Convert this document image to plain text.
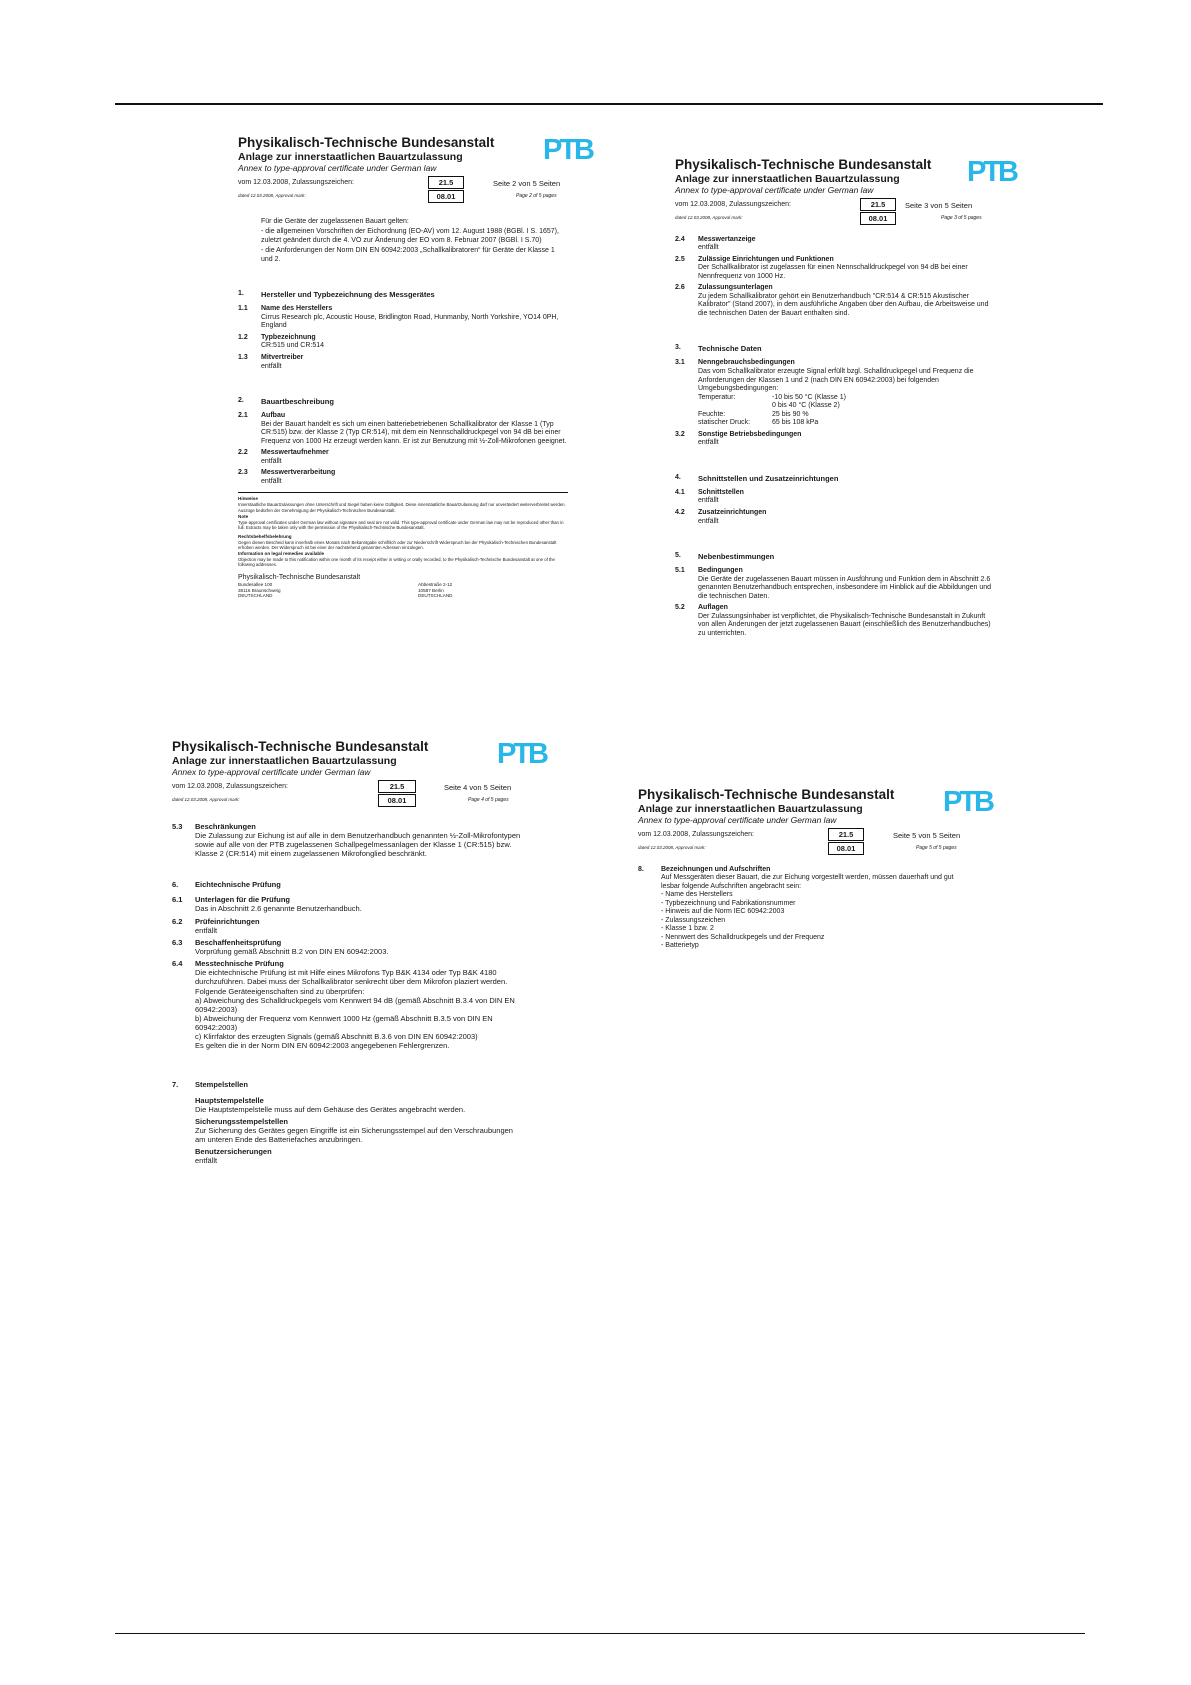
PTB
Physikalisch-Technische Bundesanstalt
Anlage zur innerstaatlichen Bauartzulassung
Annex to type-approval certificate under German law
vom 12.03.2008, Zulassungszeichen:
dated 12.03.2008, Approval mark:
21.5
08.01
Seite 2 von 5 Seiten
Page 2 of 5 pages

Für die Geräte der zugelassenen Bauart gelten:

- die allgemeinen Vorschriften der Eichordnung (EO-AV) vom 12. August 1988 (BGBl. I S. 1657), zuletzt geändert durch die 4. VO zur Änderung der EO vom 8. Februar 2007 (BGBl. I S.70)

- die Anforderungen der Norm DIN EN 60942:2003 „Schallkalibratoren“ für Geräte der Klasse 1 und 2.

1.	Hersteller und Typbezeichnung des Messgerätes
1.1	Name des Herstellers
Cirrus Research plc, Acoustic House, Bridlington Road, Hunmanby, North Yorkshire, YO14 0PH, England
1.2	Typbezeichnung
CR:515 und CR:514
1.3	Mitvertreiber
entfällt
2.	Bauartbeschreibung
2.1	Aufbau
Bei der Bauart handelt es sich um einen batteriebetriebenen Schallkalibrator der Klasse 1 (Typ CR:515) bzw. der Klasse 2 (Typ CR:514), mit dem ein Nennschalldruckpegel von 94 dB bei einer Frequenz von 1000 Hz erzeugt werden kann. Er ist zur Benutzung mit ½-Zoll-Mikrofonen geeignet.
2.2	Messwertaufnehmer
entfällt
2.3	Messwertverarbeitung
entfällt
Hinweise
Innerstaatliche Bauartzulassungen ohne Unterschrift und Siegel haben keine Gültigkeit. Diese innerstaatliche Bauartzulassung darf nur unverändert weiterverbreitet werden. Auszüge bedürfen der Genehmigung der Physikalisch-Technischen Bundesanstalt.
Note
Type-approval certificates under German law without signature and seal are not valid. This type-approval certificate under German law may not be reproduced other than in full. Extracts may be taken only with the permission of the Physikalisch-Technische Bundesanstalt.
Rechtsbehelfsbelehrung
Gegen diesen Bescheid kann innerhalb eines Monats nach Bekanntgabe schriftlich oder zur Niederschrift Widerspruch bei der Physikalisch-Technischen Bundesanstalt erhoben werden. Der Widerspruch ist bei einer der nachstehend genannten Adressen einzulegen.
Information on legal remedies available
Objection may be made to this notification within one month of its receipt either in writing or orally recorded, to the Physikalisch-Technische Bundesanstalt at one of the following addresses.
Physikalisch-Technische Bundesanstalt
Bundesallee 100
38116 Braunschweig
DEUTSCHLAND
Abbestraße 2-12
10587 Berlin
DEUTSCHLAND
PTB
Physikalisch-Technische Bundesanstalt
Anlage zur innerstaatlichen Bauartzulassung
Annex to type-approval certificate under German law
vom 12.03.2008, Zulassungszeichen:
dated 12.03.2008, Approval mark:
21.5
08.01
Seite 3 von 5 Seiten
Page 3 of 5 pages
2.4	Messwertanzeige
entfällt
2.5	Zulässige Einrichtungen und Funktionen
Der Schallkalibrator ist zugelassen für einen Nennschalldruckpegel von 94 dB bei einer Nennfrequenz von 1000 Hz.
2.6	Zulassungsunterlagen
Zu jedem Schallkalibrator gehört ein Benutzerhandbuch "CR:514 & CR:515 Akustischer Kalibrator" (Stand 2007), in dem ausführliche Angaben über den Aufbau, die Arbeitsweise und die technischen Daten der Bauart enthalten sind.
3.	Technische Daten
3.1	Nenngebrauchsbedingungen
Das vom Schallkalibrator erzeugte Signal erfüllt bzgl. Schalldruckpegel und Frequenz die Anforderungen der Klassen 1 und 2 (nach DIN EN 60942:2003) bei folgenden Umgebungsbedingungen:
Temperatur:	-10 bis 50 °C (Klasse 1)
0 bis 40 °C (Klasse 2)
Feuchte:	25 bis 90 %
statischer Druck:	65 bis 108 kPa
3.2	Sonstige Betriebsbedingungen
entfällt
4.	Schnittstellen und Zusatzeinrichtungen
4.1	Schnittstellen
entfällt
4.2	Zusatzeinrichtungen
entfällt
5.	Nebenbestimmungen
5.1	Bedingungen
Die Geräte der zugelassenen Bauart müssen in Ausführung und Funktion dem in Abschnitt 2.6 genannten Benutzerhandbuch entsprechen, insbesondere im Hinblick auf die Abbildungen und die technischen Daten.
5.2	Auflagen
Der Zulassungsinhaber ist verpflichtet, die Physikalisch-Technische Bundesanstalt in Zukunft von allen Änderungen der jetzt zugelassenen Bauart (einschließlich des Benutzerhandbuches) zu unterrichten.
PTB
Physikalisch-Technische Bundesanstalt
Anlage zur innerstaatlichen Bauartzulassung
Annex to type-approval certificate under German law
vom 12.03.2008, Zulassungszeichen:
dated 12.03.2008, Approval mark:
21.5
08.01
Seite 4 von 5 Seiten
Page 4 of 5 pages
5.3	Beschränkungen
Die Zulassung zur Eichung ist auf alle in dem Benutzerhandbuch genannten ½-Zoll-Mikrofontypen sowie auf alle von der PTB zugelassenen Schallpegelmessanlagen der Klasse 1 (CR:515) bzw. Klasse 2 (CR:514) mit einem zugelassenen Mikrofonglied beschränkt.
6.	Eichtechnische Prüfung
6.1	Unterlagen für die Prüfung
Das in Abschnitt 2.6 genannte Benutzerhandbuch.
6.2	Prüfeinrichtungen
entfällt
6.3	Beschaffenheitsprüfung
Vorprüfung gemäß Abschnitt B.2 von DIN EN 60942:2003.
6.4	Messtechnische Prüfung
Die eichtechnische Prüfung ist mit Hilfe eines Mikrofons Typ B&K 4134 oder Typ B&K 4180 durchzuführen. Dabei muss der Schallkalibrator senkrecht über dem Mikrofon plaziert werden.
Folgende Geräteeigenschaften sind zu überprüfen:
a) Abweichung des Schalldruckpegels vom Kennwert 94 dB (gemäß Abschnitt B.3.4 von DIN EN 60942:2003)
b) Abweichung der Frequenz vom Kennwert 1000 Hz (gemäß Abschnitt B.3.5 von DIN EN 60942:2003)
c) Klirrfaktor des erzeugten Signals (gemäß Abschnitt B.3.6 von DIN EN 60942:2003)
Es gelten die in der Norm DIN EN 60942:2003 angegebenen Fehlergrenzen.
7.	Stempelstellen
Hauptstempelstelle
Die Hauptstempelstelle muss auf dem Gehäuse des Gerätes angebracht werden.
Sicherungsstempelstellen
Zur Sicherung des Gerätes gegen Eingriffe ist ein Sicherungsstempel auf den Verschraubungen am unteren Ende des Batteriefaches anzubringen.
Benutzersicherungen
entfällt
PTB
Physikalisch-Technische Bundesanstalt
Anlage zur innerstaatlichen Bauartzulassung
Annex to type-approval certificate under German law
vom 12.03.2008, Zulassungszeichen:
dated 12.03.2008, Approval mark:
21.5
08.01
Seite 5 von 5 Seiten
Page 5 of 5 pages
8.	Bezeichnungen und Aufschriften
Auf Messgeräten dieser Bauart, die zur Eichung vorgestellt werden, müssen dauerhaft und gut lesbar folgende Aufschriften angebracht sein:
- Name des Herstellers
- Typbezeichnung und Fabrikationsnummer
- Hinweis auf die Norm IEC 60942:2003
- Zulassungszeichen
- Klasse 1 bzw. 2
- Nennwert des Schalldruckpegels und der Frequenz
- Batterietyp
